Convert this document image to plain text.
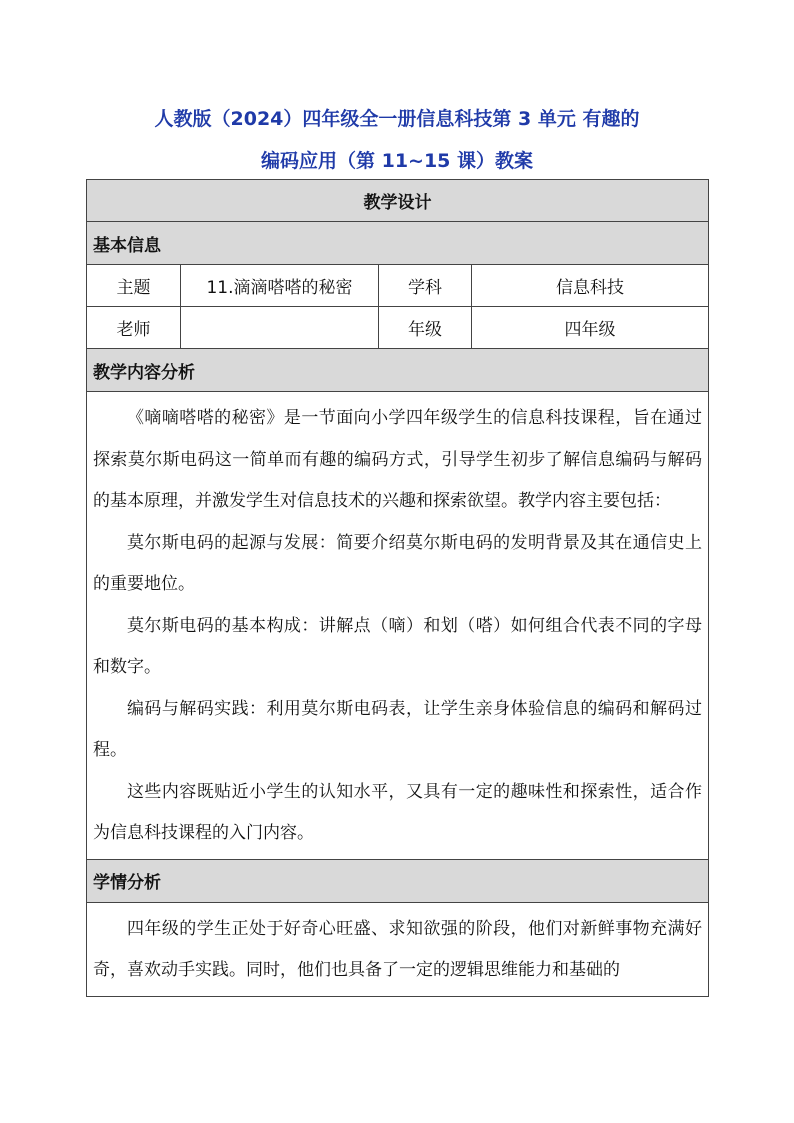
人教版（2024）四年级全一册信息科技第 3 单元 有趣的
编码应用（第 11~15 课）教案
教学设计			
基本信息			
主题	11.滴滴嗒嗒的秘密	学科	信息科技
老师		年级	四年级
教学内容分析			

《嘀嘀嗒嗒的秘密》是一节面向小学四年级学生的信息科技课程，旨在通过探索莫尔斯电码这一简单而有趣的编码方式，引导学生初步了解信息编码与解码的基本原理，并激发学生对信息技术的兴趣和探索欲望。教学内容主要包括：

莫尔斯电码的起源与发展：简要介绍莫尔斯电码的发明背景及其在通信史上的重要地位。

莫尔斯电码的基本构成：讲解点（嘀）和划（嗒）如何组合代表不同的字母和数字。

编码与解码实践：利用莫尔斯电码表，让学生亲身体验信息的编码和解码过程。

这些内容既贴近小学生的认知水平，又具有一定的趣味性和探索性，适合作为信息科技课程的入门内容。			

学情分析			

四年级的学生正处于好奇心旺盛、求知欲强的阶段，他们对新鲜事物充满好奇，喜欢动手实践。同时，他们也具备了一定的逻辑思维能力和基础的			
